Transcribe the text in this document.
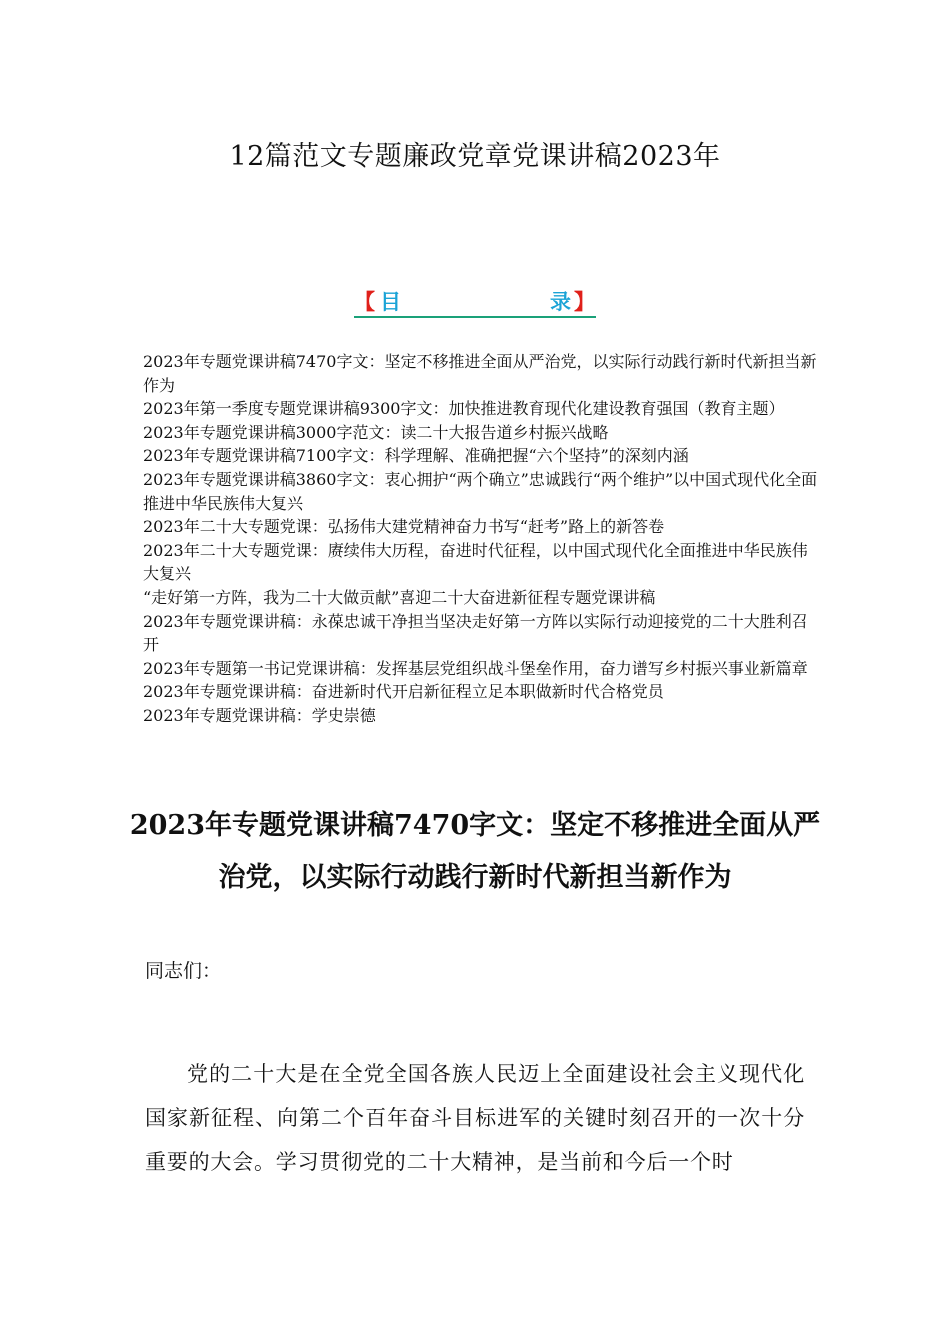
12篇范文专题廉政党章党课讲稿2023年
【 目	录 】
2023年专题党课讲稿7470字文：坚定不移推进全面从严治党，以实际行动践行新时代新担当新作为
2023年第一季度专题党课讲稿9300字文：加快推进教育现代化建设教育强国（教育主题）
2023年专题党课讲稿3000字范文：读二十大报告道乡村振兴战略
2023年专题党课讲稿7100字文：科学理解、准确把握“六个坚持”的深刻内涵
2023年专题党课讲稿3860字文：衷心拥护“两个确立”忠诚践行“两个维护”以中国式现代化全面推进中华民族伟大复兴
2023年二十大专题党课：弘扬伟大建党精神奋力书写“赶考”路上的新答卷
2023年二十大专题党课：赓续伟大历程，奋进时代征程，以中国式现代化全面推进中华民族伟大复兴
“走好第一方阵，我为二十大做贡献”喜迎二十大奋进新征程专题党课讲稿
2023年专题党课讲稿：永葆忠诚干净担当坚决走好第一方阵以实际行动迎接党的二十大胜利召开
2023年专题第一书记党课讲稿：发挥基层党组织战斗堡垒作用，奋力谱写乡村振兴事业新篇章
2023年专题党课讲稿：奋进新时代开启新征程立足本职做新时代合格党员
2023年专题党课讲稿：学史崇德
2023年专题党课讲稿7470字文：坚定不移推进全面从严治党，以实际行动践行新时代新担当新作为
同志们：

党的二十大是在全党全国各族人民迈上全面建设社会主义现代化国家新征程、向第二个百年奋斗目标进军的关键时刻召开的一次十分重要的大会。学习贯彻党的二十大精神，是当前和今后一个时
